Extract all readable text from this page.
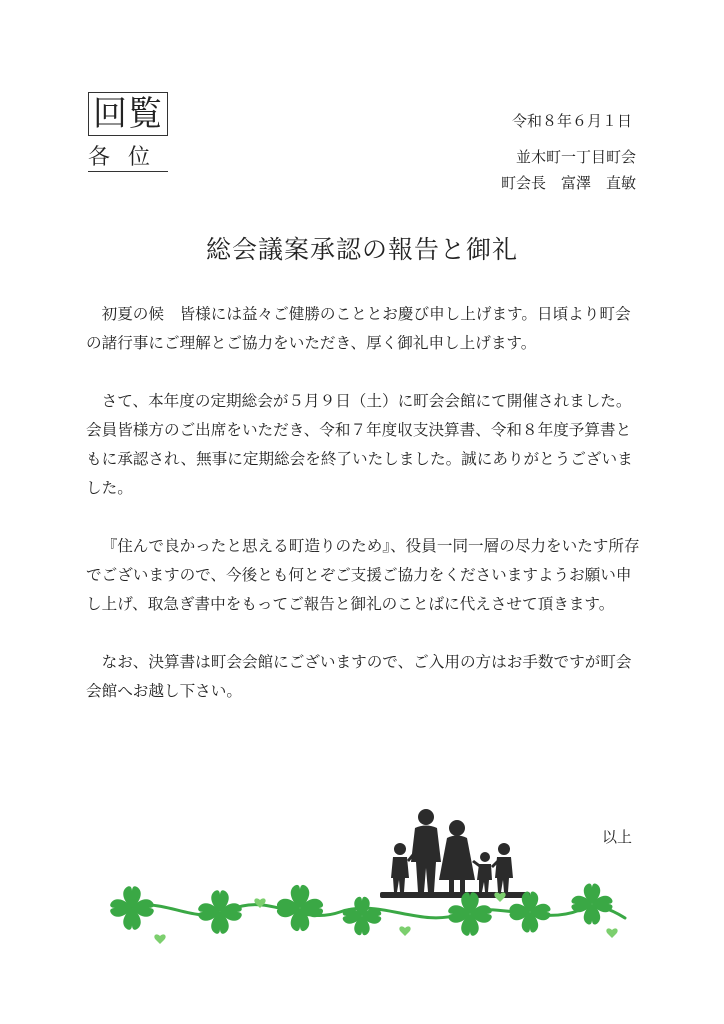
回覧
各位
令和８年６月１日
並木町一丁目町会
町会長　富澤　直敏
総会議案承認の報告と御礼

初夏の候　皆様には益々ご健勝のこととお慶び申し上げます。日頃より町会の諸行事にご理解とご協力をいただき、厚く御礼申し上げます。

さて、本年度の定期総会が５月９日（土）に町会会館にて開催されました。会員皆様方のご出席をいただき、令和７年度収支決算書、令和８年度予算書ともに承認され、無事に定期総会を終了いたしました。誠にありがとうございました。

『住んで良かったと思える町造りのため』、役員一同一層の尽力をいたす所存でございますので、今後とも何とぞご支援ご協力をくださいますようお願い申し上げ、取急ぎ書中をもってご報告と御礼のことばに代えさせて頂きます。

なお、決算書は町会会館にございますので、ご入用の方はお手数ですが町会会館へお越し下さい。

以上
